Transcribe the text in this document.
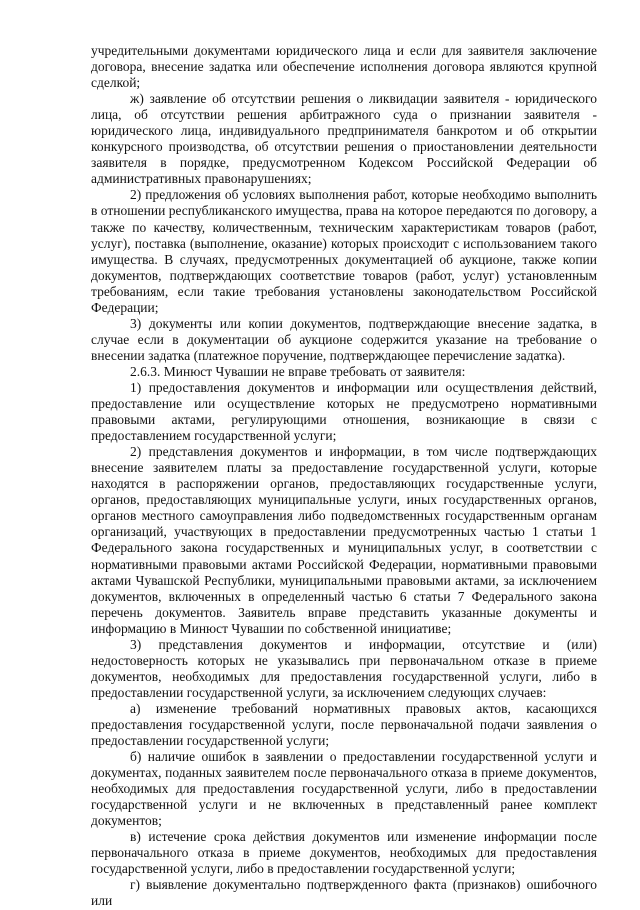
учредительными документами юридического лица и если для заявителя заключение договора, внесение задатка или обеспечение исполнения договора являются крупной сделкой;

ж) заявление об отсутствии решения о ликвидации заявителя - юридического лица, об отсутствии решения арбитражного суда о признании заявителя - юридического лица, индивидуального предпринимателя банкротом и об открытии конкурсного производства, об отсутствии решения о приостановлении деятельности заявителя в порядке, предусмотренном Кодексом Российской Федерации об административных правонарушениях;

2) предложения об условиях выполнения работ, которые необходимо выполнить в отношении республиканского имущества, права на которое передаются по договору, а также по качеству, количественным, техническим характеристикам товаров (работ, услуг), поставка (выполнение, оказание) которых происходит с использованием такого имущества. В случаях, предусмотренных документацией об аукционе, также копии документов, подтверждающих соответствие товаров (работ, услуг) установленным требованиям, если такие требования установлены законодательством Российской Федерации;

3) документы или копии документов, подтверждающие внесение задатка, в случае если в документации об аукционе содержится указание на требование о внесении задатка (платежное поручение, подтверждающее перечисление задатка).

2.6.3. Минюст Чувашии не вправе требовать от заявителя:

1) предоставления документов и информации или осуществления действий, предоставление или осуществление которых не предусмотрено нормативными правовыми актами, регулирующими отношения, возникающие в связи с предоставлением государственной услуги;

2) представления документов и информации, в том числе подтверждающих внесение заявителем платы за предоставление государственной услуги, которые находятся в распоряжении органов, предоставляющих государственные услуги, органов, предоставляющих муниципальные услуги, иных государственных органов, органов местного самоуправления либо подведомственных государственным органам организаций, участвующих в предоставлении предусмотренных частью 1 статьи 1 Федерального закона государственных и муниципальных услуг, в соответствии с нормативными правовыми актами Российской Федерации, нормативными правовыми актами Чувашской Республики, муниципальными правовыми актами, за исключением документов, включенных в определенный частью 6 статьи 7 Федерального закона перечень документов. Заявитель вправе представить указанные документы и информацию в Минюст Чувашии по собственной инициативе;

3) представления документов и информации, отсутствие и (или) недостоверность которых не указывались при первоначальном отказе в приеме документов, необходимых для предоставления государственной услуги, либо в предоставлении государственной услуги, за исключением следующих случаев:

а) изменение требований нормативных правовых актов, касающихся предоставления государственной услуги, после первоначальной подачи заявления о предоставлении государственной услуги;

б) наличие ошибок в заявлении о предоставлении государственной услуги и документах, поданных заявителем после первоначального отказа в приеме документов, необходимых для предоставления государственной услуги, либо в предоставлении государственной услуги и не включенных в представленный ранее комплект документов;

в) истечение срока действия документов или изменение информации после первоначального отказа в приеме документов, необходимых для предоставления государственной услуги, либо в предоставлении государственной услуги;

г) выявление документально подтвержденного факта (признаков) ошибочного или
